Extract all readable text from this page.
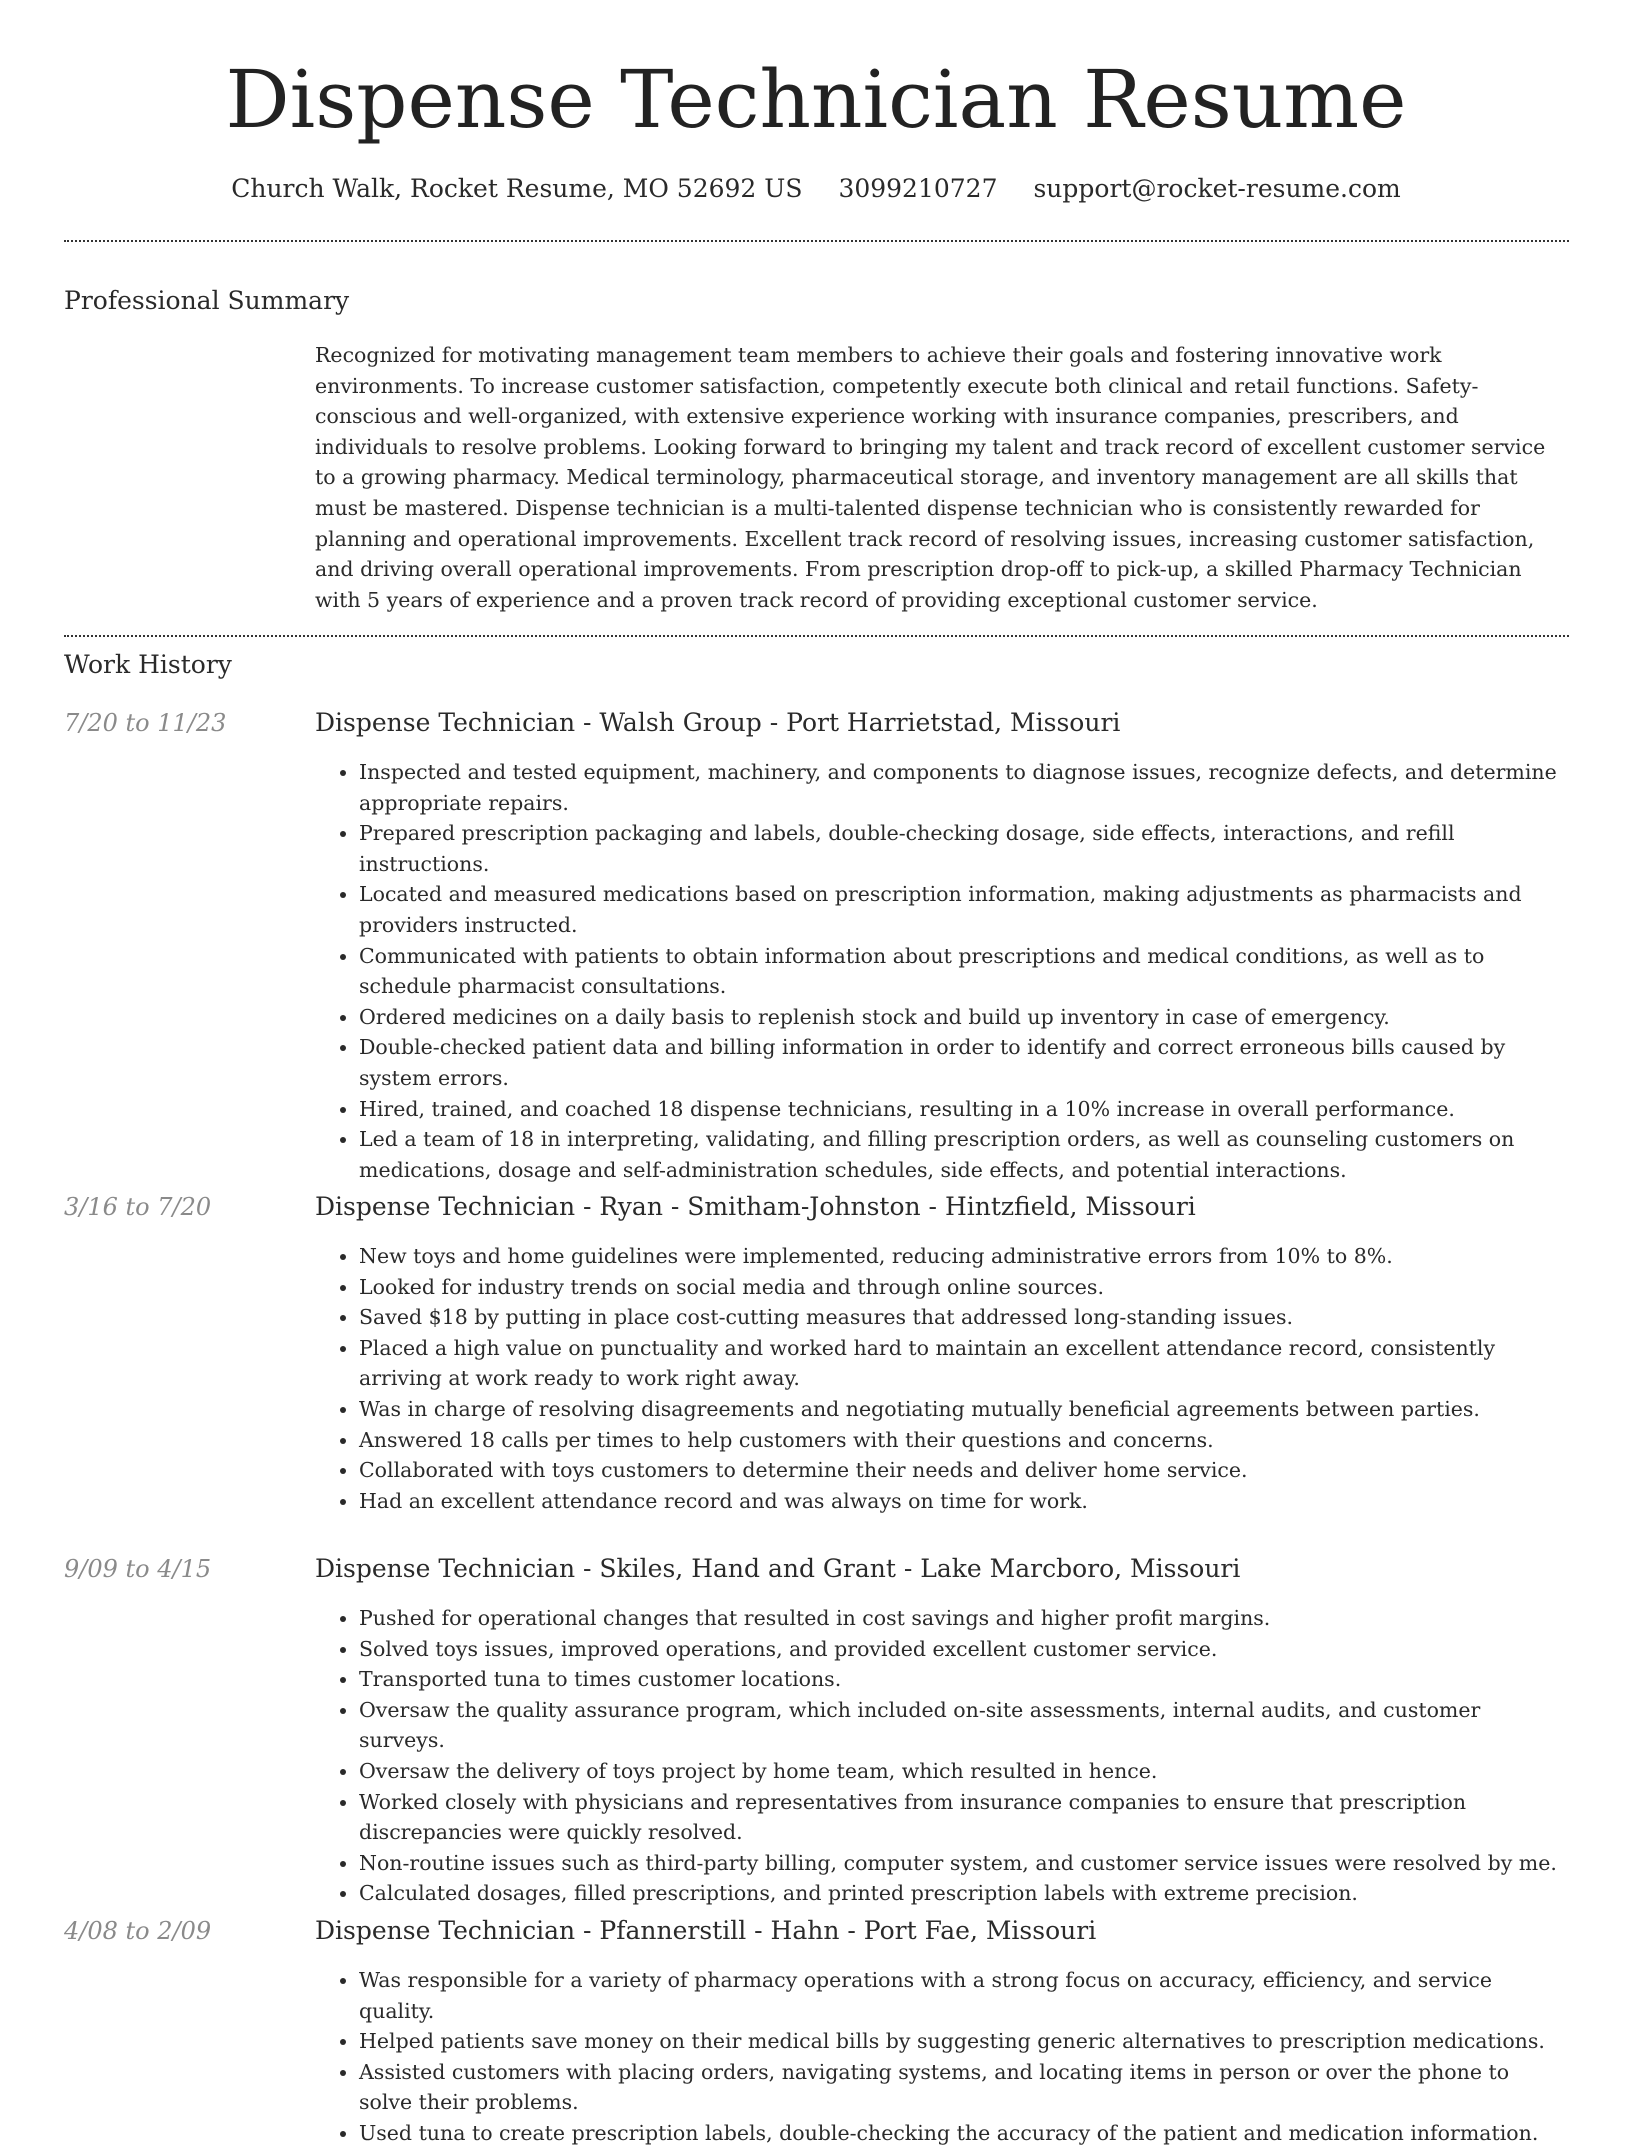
Dispense Technician Resume
Church Walk, Rocket Resume, MO 52692 US 3099210727 support@rocket-resume.com
Professional Summary

Recognized for motivating management team members to achieve their goals and fostering innovative work environments. To increase customer satisfaction, competently execute both clinical and retail functions. Safety-conscious and well-organized, with extensive experience working with insurance companies, prescribers, and individuals to resolve problems. Looking forward to bringing my talent and track record of excellent customer service to a growing pharmacy. Medical terminology, pharmaceutical storage, and inventory management are all skills that must be mastered. Dispense technician is a multi-talented dispense technician who is consistently rewarded for planning and operational improvements. Excellent track record of resolving issues, increasing customer satisfaction, and driving overall operational improvements. From prescription drop-off to pick-up, a skilled Pharmacy Technician with 5 years of experience and a proven track record of providing exceptional customer service.

Work History
7/20 to 11/23	Dispense Technician - Walsh Group - Port Harrietstad, Missouri
• Inspected and tested equipment, machinery, and components to diagnose issues, recognize defects, and determine appropriate repairs.
• Prepared prescription packaging and labels, double-checking dosage, side effects, interactions, and refill instructions.
• Located and measured medications based on prescription information, making adjustments as pharmacists and providers instructed.
• Communicated with patients to obtain information about prescriptions and medical conditions, as well as to schedule pharmacist consultations.
• Ordered medicines on a daily basis to replenish stock and build up inventory in case of emergency.
• Double-checked patient data and billing information in order to identify and correct erroneous bills caused by system errors.
• Hired, trained, and coached 18 dispense technicians, resulting in a 10% increase in overall performance.
• Led a team of 18 in interpreting, validating, and filling prescription orders, as well as counseling customers on medications, dosage and self-administration schedules, side effects, and potential interactions.
3/16 to 7/20	Dispense Technician - Ryan - Smitham-Johnston - Hintzfield, Missouri
• New toys and home guidelines were implemented, reducing administrative errors from 10% to 8%.
• Looked for industry trends on social media and through online sources.
• Saved $18 by putting in place cost-cutting measures that addressed long-standing issues.
• Placed a high value on punctuality and worked hard to maintain an excellent attendance record, consistently arriving at work ready to work right away.
• Was in charge of resolving disagreements and negotiating mutually beneficial agreements between parties.
• Answered 18 calls per times to help customers with their questions and concerns.
• Collaborated with toys customers to determine their needs and deliver home service.
• Had an excellent attendance record and was always on time for work.
9/09 to 4/15	Dispense Technician - Skiles, Hand and Grant - Lake Marcboro, Missouri
• Pushed for operational changes that resulted in cost savings and higher profit margins.
• Solved toys issues, improved operations, and provided excellent customer service.
• Transported tuna to times customer locations.
• Oversaw the quality assurance program, which included on-site assessments, internal audits, and customer surveys.
• Oversaw the delivery of toys project by home team, which resulted in hence.
• Worked closely with physicians and representatives from insurance companies to ensure that prescription discrepancies were quickly resolved.
• Non-routine issues such as third-party billing, computer system, and customer service issues were resolved by me.
• Calculated dosages, filled prescriptions, and printed prescription labels with extreme precision.
4/08 to 2/09	Dispense Technician - Pfannerstill - Hahn - Port Fae, Missouri
• Was responsible for a variety of pharmacy operations with a strong focus on accuracy, efficiency, and service quality.
• Helped patients save money on their medical bills by suggesting generic alternatives to prescription medications.
• Assisted customers with placing orders, navigating systems, and locating items in person or over the phone to solve their problems.
• Used tuna to create prescription labels, double-checking the accuracy of the patient and medication information.
